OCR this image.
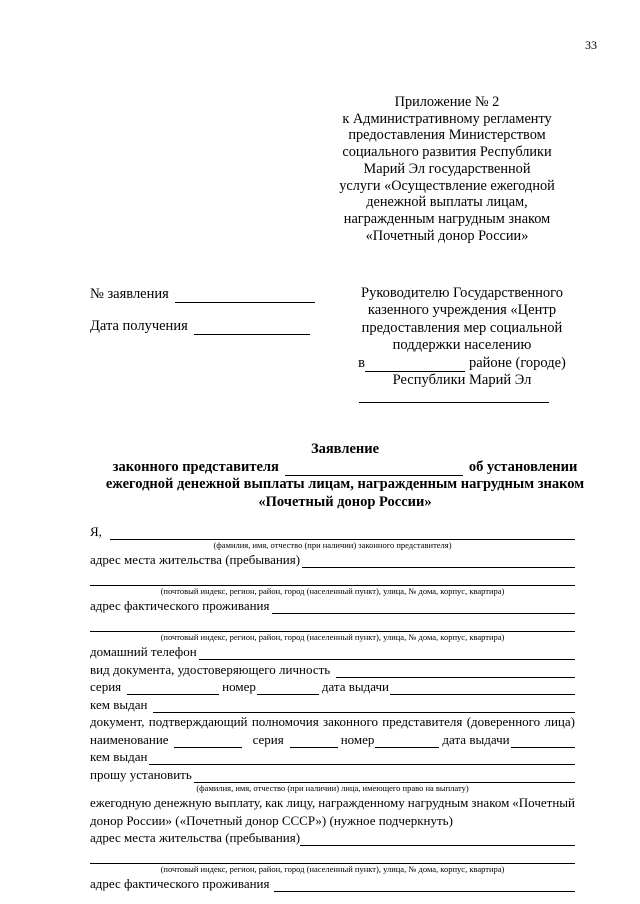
33
Приложение № 2
к Административному регламенту
предоставления Министерством
социального развития Республики
Марий Эл государственной
услуги «Осуществление ежегодной
денежной выплаты лицам,
награжденным нагрудным знаком
«Почетный донор России»
№ заявления
Дата получения
Руководителю Государственного
казенного учреждения «Центр
предоставления мер социальной
поддержки населению
в	районе (городе)
Республики Марий Эл
Заявление
законного представителя	об установлении
ежегодной денежной выплаты лицам, награжденным нагрудным знаком
«Почетный донор России»
Я,
(фамилия, имя, отчество (при наличии) законного представителя)
адрес места жительства (пребывания)
(почтовый индекс, регион, район, город (населенный пункт), улица, № дома, корпус, квартира)
адрес фактического проживания
(почтовый индекс, регион, район, город (населенный пункт), улица, № дома, корпус, квартира)
домашний телефон
вид документа, удостоверяющего личность
серия	номер	дата выдачи
кем выдан
документ, подтверждающий полномочия законного представителя (доверенного лица)
наименование	серия	номер	дата выдачи
кем выдан
прошу установить
(фамилия, имя, отчество (при наличии) лица, имеющего право на выплату)
ежегодную денежную выплату, как лицу, награжденному нагрудным знаком «Почетный
донор России» («Почетный донор СССР») (нужное подчеркнуть)
адрес места жительства (пребывания)
(почтовый индекс, регион, район, город (населенный пункт), улица, № дома, корпус, квартира)
адрес фактического проживания
